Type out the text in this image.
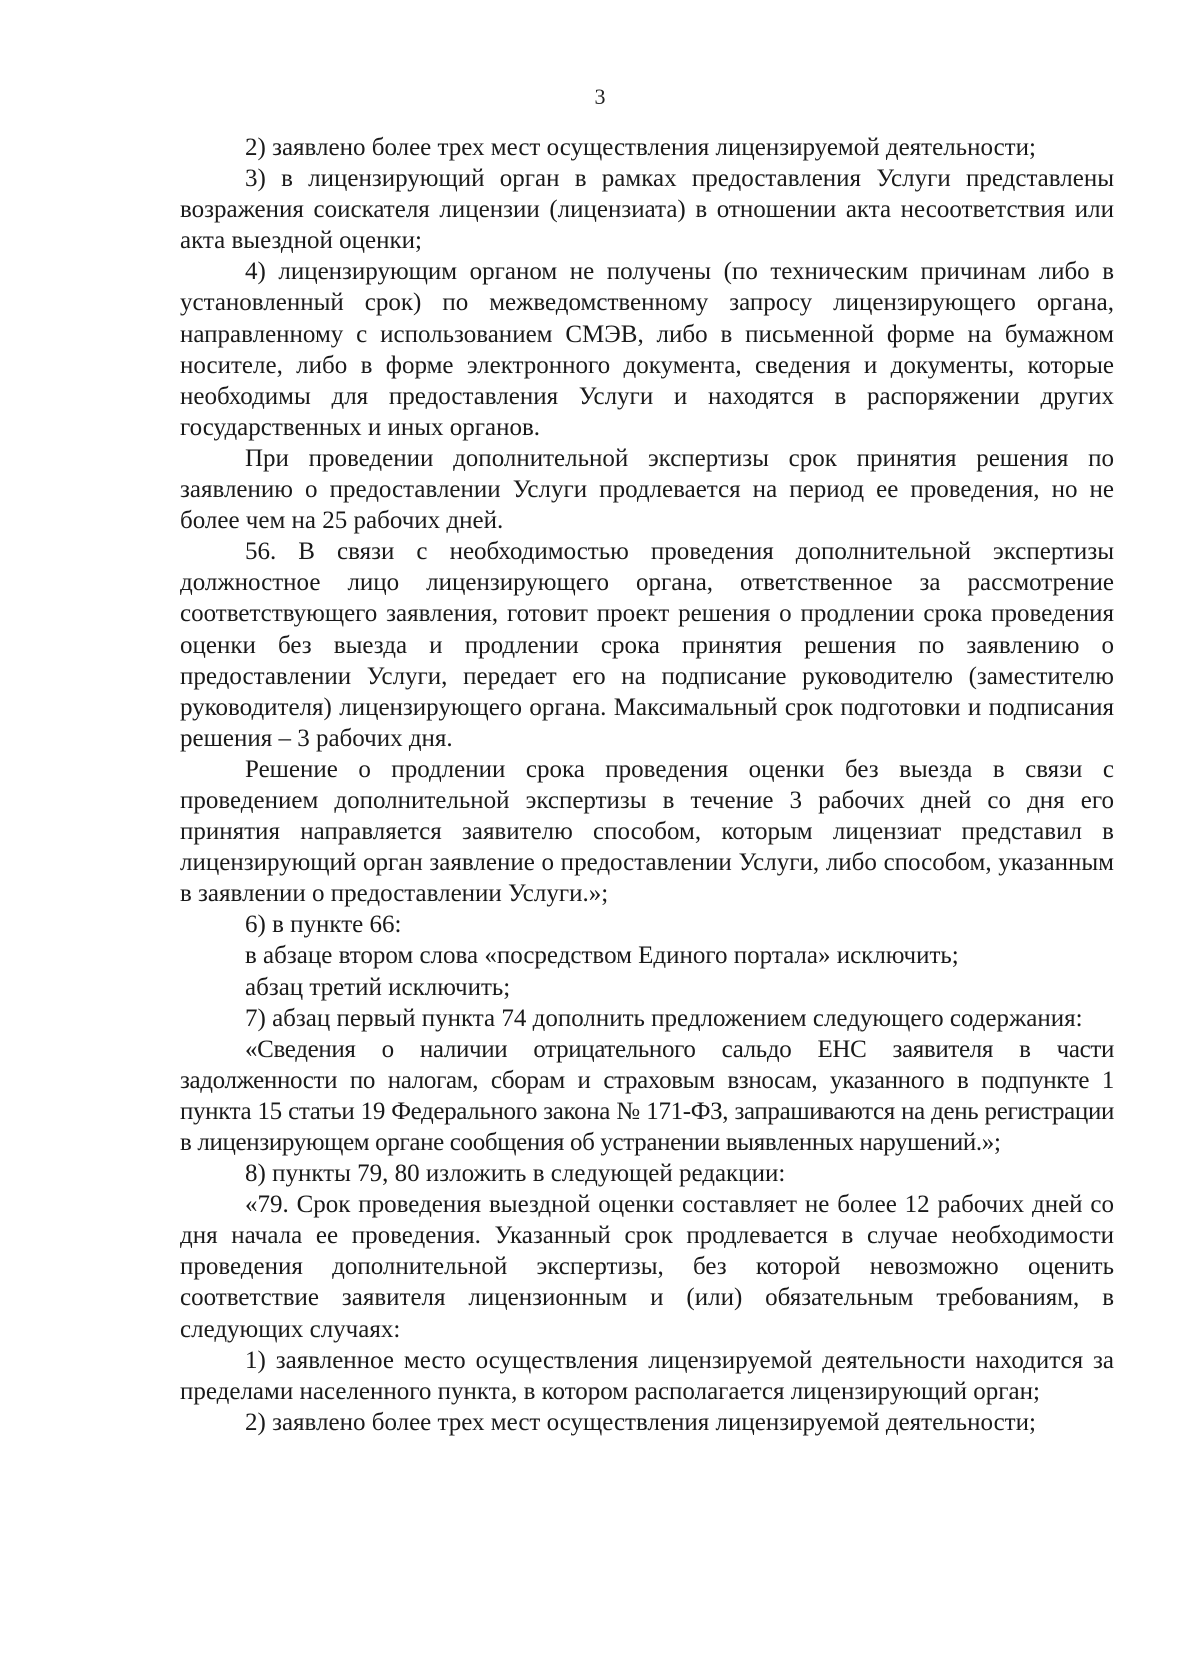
3

2) заявлено более трех мест осуществления лицензируемой деятельности;

3) в лицензирующий орган в рамках предоставления Услуги представлены возражения соискателя лицензии (лицензиата) в отношении акта несоответствия или акта выездной оценки;

4) лицензирующим органом не получены (по техническим причинам либо в установленный срок) по межведомственному запросу лицензирующего органа, направленному с использованием СМЭВ, либо в письменной форме на бумажном носителе, либо в форме электронного документа, сведения и документы, которые необходимы для предоставления Услуги и находятся в распоряжении других государственных и иных органов.

При проведении дополнительной экспертизы срок принятия решения по заявлению о предоставлении Услуги продлевается на период ее проведения, но не более чем на 25 рабочих дней.

56. В связи с необходимостью проведения дополнительной экспертизы должностное лицо лицензирующего органа, ответственное за рассмотрение соответствующего заявления, готовит проект решения о продлении срока проведения оценки без выезда и продлении срока принятия решения по заявлению о предоставлении Услуги, передает его на подписание руководителю (заместителю руководителя) лицензирующего органа. Максимальный срок подготовки и подписания решения – 3 рабочих дня.

Решение о продлении срока проведения оценки без выезда в связи с проведением дополнительной экспертизы в течение 3 рабочих дней со дня его принятия направляется заявителю способом, которым лицензиат представил в лицензирующий орган заявление о предоставлении Услуги, либо способом, указанным в заявлении о предоставлении Услуги.»;

6) в пункте 66:

в абзаце втором слова «посредством Единого портала» исключить;

абзац третий исключить;

7) абзац первый пункта 74 дополнить предложением следующего содержания:

«Сведения о наличии отрицательного сальдо ЕНС заявителя в части задолженности по налогам, сборам и страховым взносам, указанного в подпункте 1 пункта 15 статьи 19 Федерального закона № 171-ФЗ, запрашиваются на день регистрации в лицензирующем органе сообщения об устранении выявленных нарушений.»;

8) пункты 79, 80 изложить в следующей редакции:

«79. Срок проведения выездной оценки составляет не более 12 рабочих дней со дня начала ее проведения. Указанный срок продлевается в случае необходимости проведения дополнительной экспертизы, без которой невозможно оценить соответствие заявителя лицензионным и (или) обязательным требованиям, в следующих случаях:

1) заявленное место осуществления лицензируемой деятельности находится за пределами населенного пункта, в котором располагается лицензирующий орган;

2) заявлено более трех мест осуществления лицензируемой деятельности;
